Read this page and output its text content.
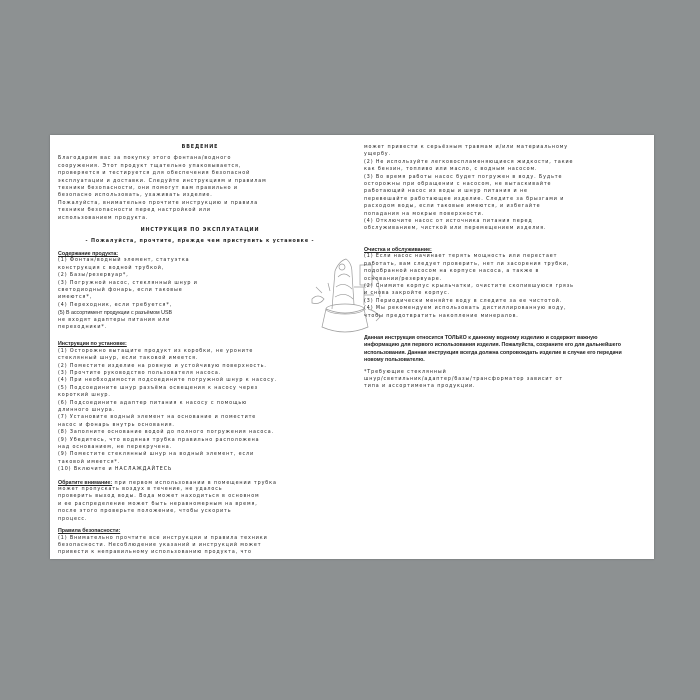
ВВЕДЕНИЕ

Благодарим вас за покупку этого фонтана/водного

сооружения. Этот продукт тщательно упаковывается,

проверяется и тестируется для обеспечения безопасной

эксплуатации и доставки. Следуйте инструкциям и правилам

техники безопасности, они помогут вам правильно и

безопасно использовать, ухаживать изделие.

Пожалуйста, внимательно прочтите инструкцию и правила

техники безопасности перед настройкой или

использованием продукта.

ИНСТРУКЦИЯ ПО ЭКСПЛУАТАЦИИ

- Пожалуйста, прочтите, прежде чем приступить к установке -

Содержание продукта:

(1) Фонтан/водный элемент, статуэтка

конструкция с водной трубкой,

(2) Базы/резервуар*,

(3) Погружной насос, стеклянный шнур и

светодиодный фонарь, если таковые

имеются*,

(4) Переходник, если требуется*,

(5) В ассортимент продукции с разъёмом USB

не входят адаптеры питания или

переходники*.

Инструкции по установке:

(1) Осторожно вытащите продукт из коробки, не уроните

стеклянный шнур, если таковой имеется.

(2) Поместите изделие на ровную и устойчивую поверхность.

(3) Прочтите руководство пользователя насоса.

(4) При необходимости подсоедините погружной шнур к насосу.

(5) Подсоедините шнур разъёма освещения к насосу через

короткий шнур.

(6) Подсоедините адаптер питания к насосу с помощью

длинного шнура.

(7) Установите водный элемент на основание и поместите

насос и фонарь внутрь основания.

(8) Заполните основание водой до полного погружения насоса.

(9) Убедитесь, что водяная трубка правильно расположена

над основанием, не перекручена.

(9) Поместите стеклянный шнур на водный элемент, если

таковой имеется*.

(10) Включите и НАСЛАЖДАЙТЕСЬ

Обратите внимание: при первом использовании в помещении трубка

может пропускать воздух в течение, не удалось

проверить выход воды. Вода может находиться в основном

и ее распределение может быть неравномерным на время,

после этого проверьте положение, чтобы ускорить

процесс.

Правила безопасности:

(1) Внимательно прочтите все инструкции и правила техники

безопасности. Несоблюдение указаний и инструкций может

привести к неправильному использованию продукта, что

может привести к серьёзным травмам и/или материальному

ущербу.

(2) Не используйте легковоспламеняющиеся жидкости, такие

как бензин, топливо или масло, с водным насосом.

(3) Во время работы насос будет погружен в воду. Будьте

осторожны при обращении с насосом, не вытаскивайте

работающий насос из воды и шнур питания и не

перевешайте работающее изделие. Следите за брызгами и

расходом воды, если таковые имеются, и избегайте

попадания на мокрые поверхности.

(4) Отключите насос от источника питания перед

обслуживанием, чисткой или перемещением изделия.

Очистка и обслуживание:

(1) Если насос начинает терять мощность или перестает

работать, вам следует проверить, нет ли засорения трубки,

подобранной насосом на корпусе насоса, а также в

основании/резервуаре.

(2) Снимите корпус крыльчатки, очистите скопившуюся грязь

и снова закройте корпус.

(3) Периодически меняйте воду в следите за ее чистотой.

(4) Мы рекомендуем использовать дистиллированную воду,

чтобы предотвратить накопление минералов.

Данная инструкция относится ТОЛЬКО к данному водному изделию и содержит важную

информацию для первого использования изделия. Пожалуйста, сохраните его для дальнейшего

использования. Данная инструкция всегда должна сопровождать изделие в случае его передачи

новому пользователю.

*Требующие стеклянный

шнур/светильник/адаптер/базы/трансформатор зависит от

типа и ассортимента продукции.
